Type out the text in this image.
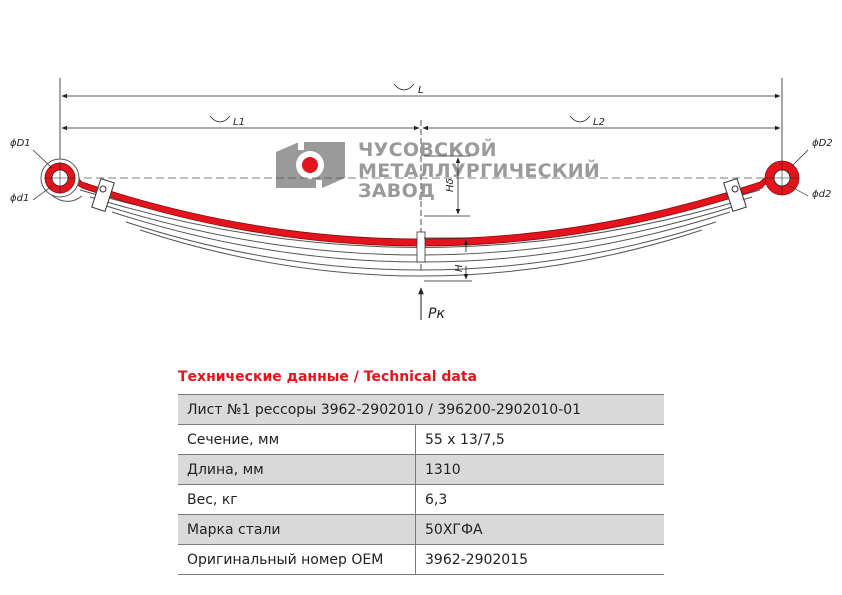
L
L1	L2
ЧУСОВСКОЙ
МЕТАЛЛУРГИЧЕСКИЙ
ЗАВОД
ϕD1
ϕd1
ϕD2
ϕd2
Hδ
H
Pк
Технические данные / Technical data
Лист №1 рессоры 3962-2902010 / 396200-2902010-01	
Сечение, мм	55 х 13/7,5
Длина, мм	1310
Вес, кг	6,3
Марка стали	50ХГФА
Оригинальный номер OEM	3962-2902015
